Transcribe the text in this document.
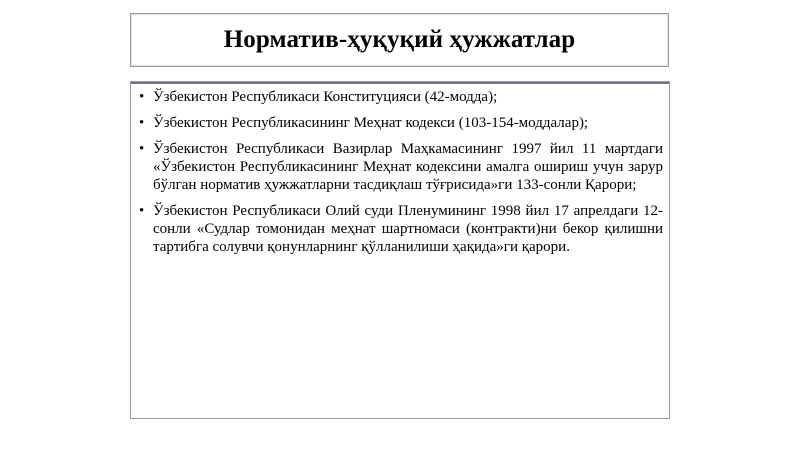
Норматив-ҳуқуқий ҳужжатлар
• Ўзбекистон Республикаси Конституцияси (42-модда);
• Ўзбекистон Республикасининг Меҳнат кодекси (103-154-моддалар);
• Ўзбекистон Республикаси Вазирлар Маҳкамасининг 1997 йил 11 мартдаги «Ўзбекистон Республикасининг Меҳнат кодексини амалга ошириш учун зарур бўлган норматив ҳужжатларни тасдиқлаш тўғрисида»ги 133-сонли Қарори;
• Ўзбекистон Республикаси Олий суди Пленумининг 1998 йил 17 апрелдаги 12-сонли «Судлар томонидан меҳнат шартномаси (контракти)ни бекор қилишни тартибга солувчи қонунларнинг қўлланилиши ҳақида»ги қарори.
